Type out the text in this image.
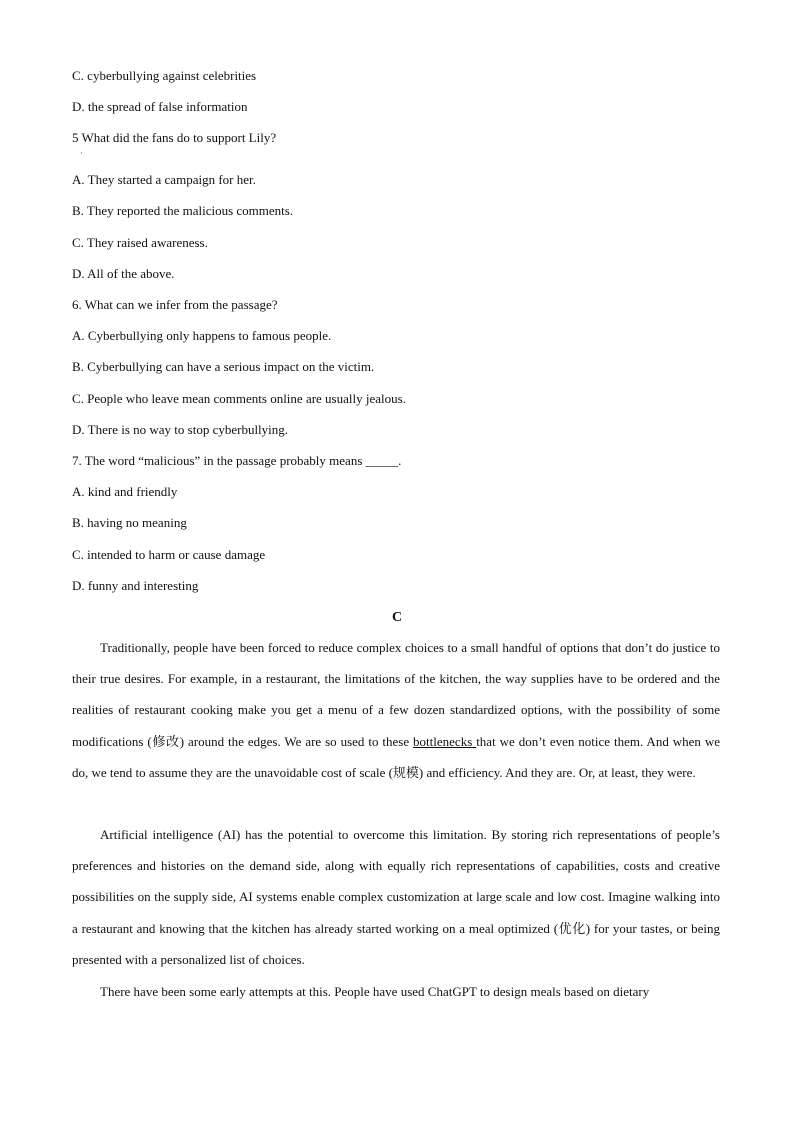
C. cyberbullying against celebrities
D. the spread of false information
5 What did the fans do to support Lily?
·
A. They started a campaign for her.
B. They reported the malicious comments.
C. They raised awareness.
D. All of the above.
6. What can we infer from the passage?
A. Cyberbullying only happens to famous people.
B. Cyberbullying can have a serious impact on the victim.
C. People who leave mean comments online are usually jealous.
D. There is no way to stop cyberbullying.
7. The word “malicious” in the passage probably means _____.
A. kind and friendly
B. having no meaning
C. intended to harm or cause damage
D. funny and interesting
C

Traditionally, people have been forced to reduce complex choices to a small handful of options that don’t do justice to their true desires. For example, in a restaurant, the limitations of the kitchen, the way supplies have to be ordered and the realities of restaurant cooking make you get a menu of a few dozen standardized options, with the possibility of some modifications (修改) around the edges. We are so used to these bottlenecks that we don’t even notice them. And when we do, we tend to assume they are the unavoidable cost of scale (规模) and efficiency. And they are. Or, at least, they were.

Artificial intelligence (AI) has the potential to overcome this limitation. By storing rich representations of people’s preferences and histories on the demand side, along with equally rich representations of capabilities, costs and creative possibilities on the supply side, AI systems enable complex customization at large scale and low cost. Imagine walking into a restaurant and knowing that the kitchen has already started working on a meal optimized (优化) for your tastes, or being presented with a personalized list of choices.

There have been some early attempts at this. People have used ChatGPT to design meals based on dietary
